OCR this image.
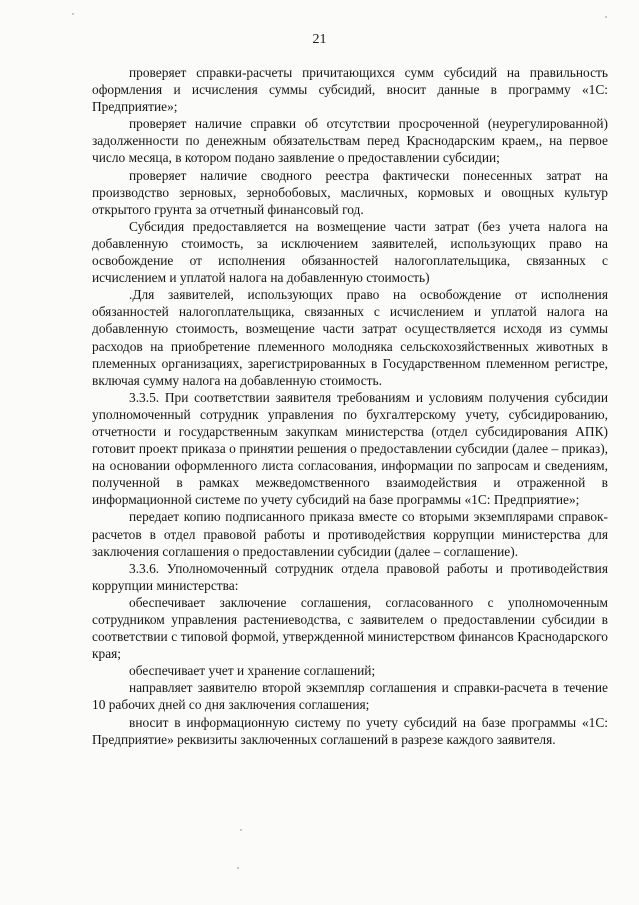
21

проверяет справки-расчеты причитающихся сумм субсидий на правильность оформления и исчисления суммы субсидий, вносит данные в программу «1С: Предприятие»;

проверяет наличие справки об отсутствии просроченной (неурегулированной) задолженности по денежным обязательствам перед Краснодарским краем,, на первое число месяца, в котором подано заявление о предоставлении субсидии;

проверяет наличие сводного реестра фактически понесенных затрат на производство зерновых, зернобобовых, масличных, кормовых и овощных культур открытого грунта за отчетный финансовый год.

Субсидия предоставляется на возмещение части затрат (без учета налога на добавленную стоимость, за исключением заявителей, использующих право на освобождение от исполнения обязанностей налогоплательщика, связанных с исчислением и уплатой налога на добавленную стоимость)

.Для заявителей, использующих право на освобождение от исполнения обязанностей налогоплательщика, связанных с исчислением и уплатой налога на добавленную стоимость, возмещение части затрат осуществляется исходя из суммы расходов на приобретение племенного молодняка сельскохозяйственных животных в племенных организациях, зарегистрированных в Государственном племенном регистре, включая сумму налога на добавленную стоимость.

3.3.5. При соответствии заявителя требованиям и условиям получения субсидии уполномоченный сотрудник управления по бухгалтерскому учету, субсидированию, отчетности и государственным закупкам министерства (отдел субсидирования АПК) готовит проект приказа о принятии решения о предоставлении субсидии (далее – приказ), на основании оформленного листа согласования, информации по запросам и сведениям, полученной в рамках межведомственного взаимодействия и отраженной в информационной системе по учету субсидий на базе программы «1С: Предприятие»;

передает копию подписанного приказа вместе со вторыми экземплярами справок-расчетов в отдел правовой работы и противодействия коррупции министерства для заключения соглашения о предоставлении субсидии (далее – соглашение).

3.3.6. Уполномоченный сотрудник отдела правовой работы и противодействия коррупции министерства:

обеспечивает заключение соглашения, согласованного с уполномоченным сотрудником управления растениеводства, с заявителем о предоставлении субсидии в соответствии с типовой формой, утвержденной министерством финансов Краснодарского края;

обеспечивает учет и хранение соглашений;

направляет заявителю второй экземпляр соглашения и справки-расчета в течение 10 рабочих дней со дня заключения соглашения;

вносит в информационную систему по учету субсидий на базе программы «1С: Предприятие» реквизиты заключенных соглашений в разрезе каждого заявителя.
